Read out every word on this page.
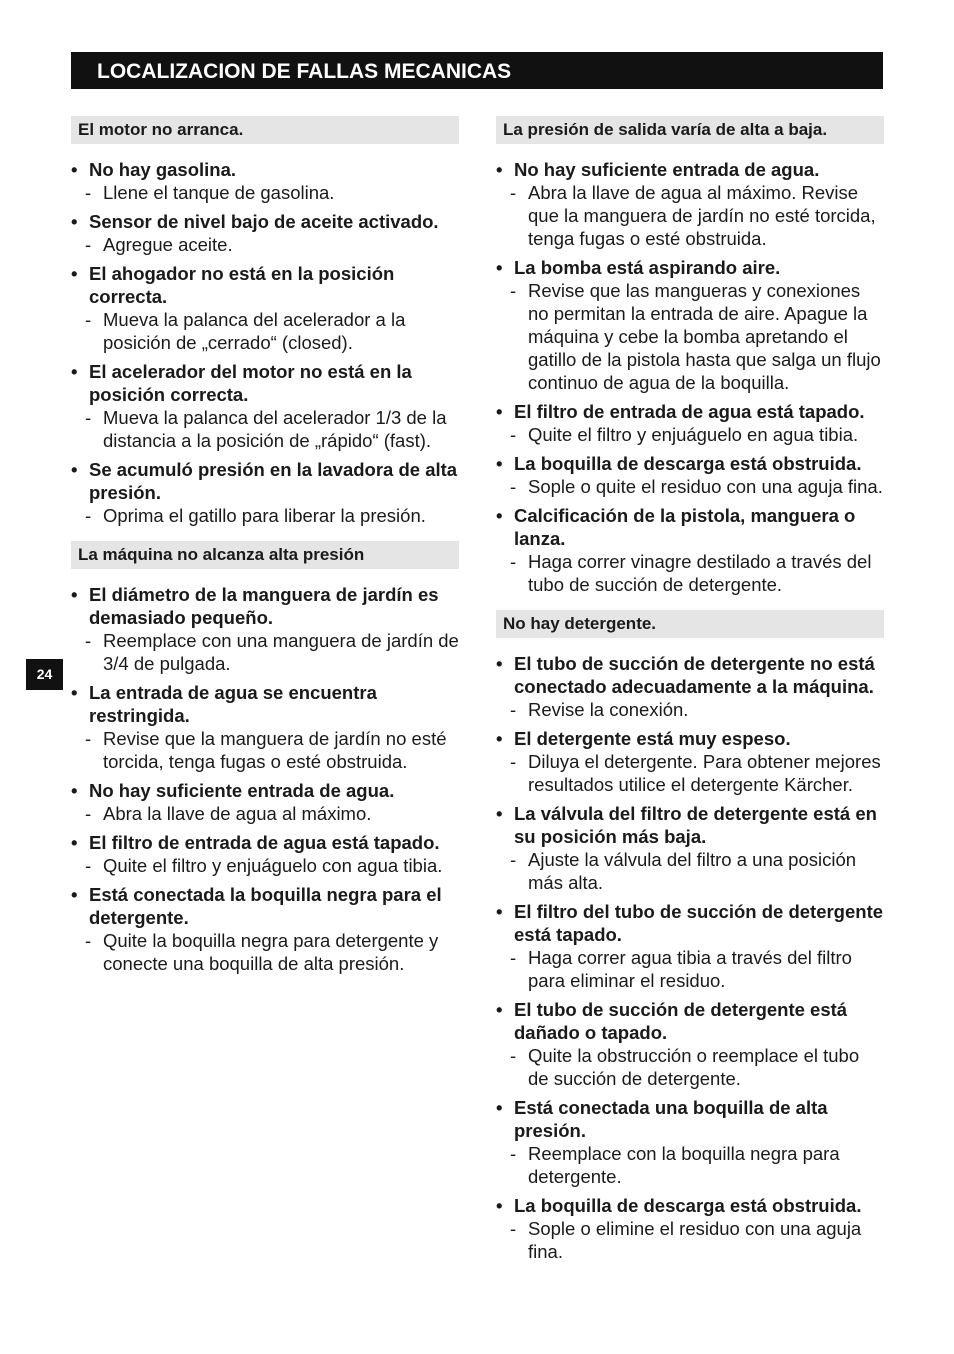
LOCALIZACION DE FALLAS MECANICAS
24
El motor no arranca.
• No hay gasolina.
- Llene el tanque de gasolina.
• Sensor de nivel bajo de aceite activado.
- Agregue aceite.
• El ahogador no está en la posición correcta.
- Mueva la palanca del acelerador a la posición de „cerrado“ (closed).
• El acelerador del motor no está en la posición correcta.
- Mueva la palanca del acelerador 1/3 de la distancia a la posición de „rápido“ (fast).
• Se acumuló presión en la lavadora de alta presión.
- Oprima el gatillo para liberar la presión.
La máquina no alcanza alta presión
• El diámetro de la manguera de jardín es demasiado pequeño.
- Reemplace con una manguera de jardín de 3/4 de pulgada.
• La entrada de agua se encuentra restringida.
- Revise que la manguera de jardín no esté torcida, tenga fugas o esté obstruida.
• No hay suficiente entrada de agua.
- Abra la llave de agua al máximo.
• El filtro de entrada de agua está tapado.
- Quite el filtro y enjuáguelo con agua tibia.
• Está conectada la boquilla negra para el detergente.
- Quite la boquilla negra para detergente y conecte una boquilla de alta presión.
La presión de salida varía de alta a baja.
• No hay suficiente entrada de agua.
- Abra la llave de agua al máximo. Revise que la manguera de jardín no esté torcida, tenga fugas o esté obstruida.
• La bomba está aspirando aire.
- Revise que las mangueras y conexiones no permitan la entrada de aire. Apague la máquina y cebe la bomba apretando el gatillo de la pistola hasta que salga un flujo continuo de agua de la boquilla.
• El filtro de entrada de agua está tapado.
- Quite el filtro y enjuáguelo en agua tibia.
• La boquilla de descarga está obstruida.
- Sople o quite el residuo con una aguja fina.
• Calcificación de la pistola, manguera o lanza.
- Haga correr vinagre destilado a través del tubo de succión de detergente.
No hay detergente.
• El tubo de succión de detergente no está conectado adecuadamente a la máquina.
- Revise la conexión.
• El detergente está muy espeso.
- Diluya el detergente. Para obtener mejores resultados utilice el detergente Kärcher.
• La válvula del filtro de detergente está en su posición más baja.
- Ajuste la válvula del filtro a una posición más alta.
• El filtro del tubo de succión de detergente está tapado.
- Haga correr agua tibia a través del filtro para eliminar el residuo.
• El tubo de succión de detergente está dañado o tapado.
- Quite la obstrucción o reemplace el tubo de succión de detergente.
• Está conectada una boquilla de alta presión.
- Reemplace con la boquilla negra para detergente.
• La boquilla de descarga está obstruida.
- Sople o elimine el residuo con una aguja fina.
